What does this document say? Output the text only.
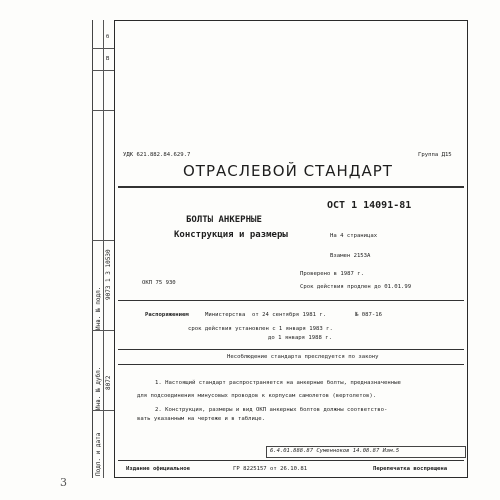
б
В
Инв. № подл.
Инв. № дубл.
Подп. и дата
9073 1 3 10530
8072
УДК 621.882.84.629.7	Группа Д15
ОТРАСЛЕВОЙ СТАНДАРТ
БОЛТЫ АНКЕРНЫЕ
Конструкция и размеры
ОСТ 1 14091-81
На 4 страницах
Взамен 2153А
ОКП 75 930
Проверено в 1987 г.
Срок действия продлен до 01.01.99
Распоряжением	Министерства от 24 сентября 1981 г.	№ 087-16
срок действия установлен с 1 января 1983 г.
до 1 января 1988 г.
Несоблюдение стандарта преследуется по закону
1. Настоящий стандарт распространяется на анкерные болты, предназначенные
для подсоединения минусовых проводов к корпусам самолетов (вертолетов).
2. Конструкция, размеры и вид ОКП анкерных болтов должны соответство-
вать указанным на чертеже и в таблице.
6.4.01.888.87 Суменноков 14.08.87 Изм.5
Издание официальное	ГР 8225157 от 26.10.81	Перепечатка воспрещена
3
